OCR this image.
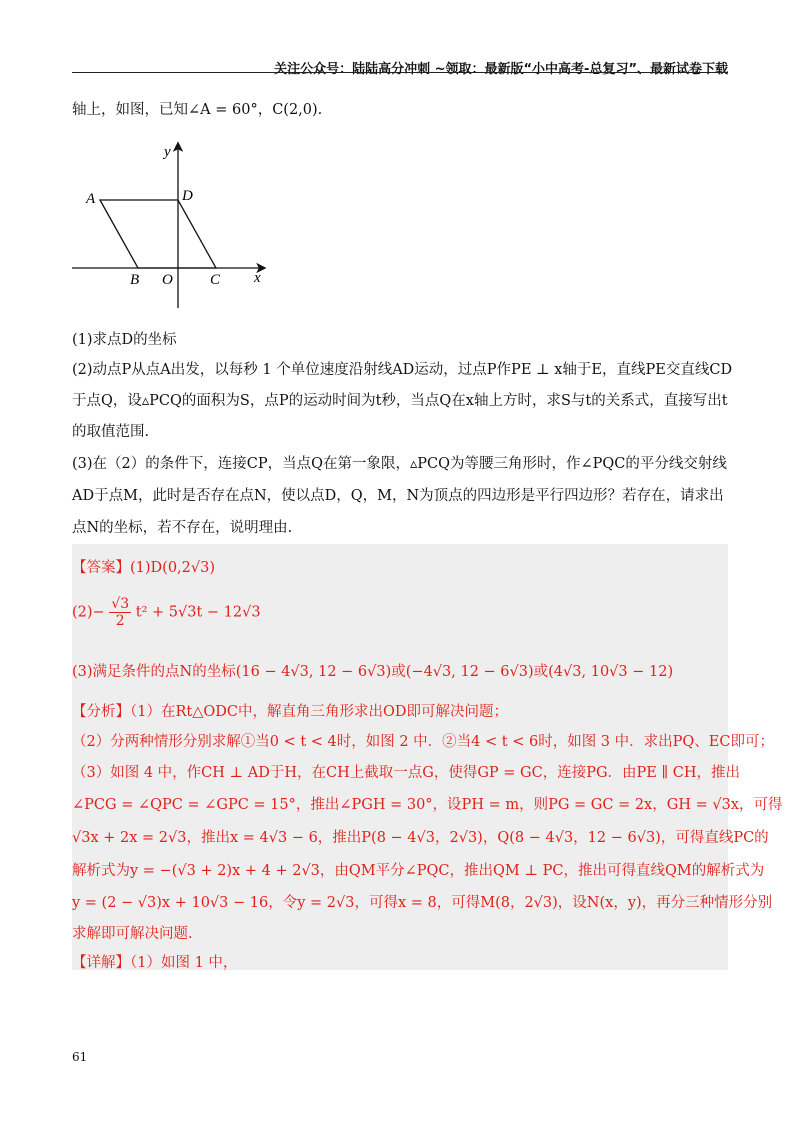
关注公众号：陆陆高分冲刺 ~领取：最新版“小中高考-总复习”、最新试卷下载
轴上，如图，已知∠A = 60°，C(2,0).
y
x
A	D
B O C
(1)求点D的坐标
(2)动点P从点A出发，以每秒 1 个单位速度沿射线AD运动，过点P作PE ⊥ x轴于E，直线PE交直线CD
于点Q，设▵PCQ的面积为S，点P的运动时间为t秒，当点Q在x轴上方时，求S与t的关系式，直接写出t
的取值范围.
(3)在（2）的条件下，连接CP，当点Q在第一象限，▵PCQ为等腰三角形时，作∠PQC的平分线交射线
AD于点M，此时是否存在点N，使以点D，Q，M，N为顶点的四边形是平行四边形？若存在，请求出
点N的坐标，若不存在，说明理由.
【答案】(1)D(0,2√3)
$(2)- \frac{√3}{2} t^2 + 5√3t - 12√3$
(3)满足条件的点N的坐标(16 − 4√3, 12 − 6√3)或(−4√3, 12 − 6√3)或(4√3, 10√3 − 12)
【分析】（1）在Rt△ODC中，解直角三角形求出OD即可解决问题；
（2）分两种情形分别求解①当0 < t < 4时，如图 2 中．②当4 < t < 6时，如图 3 中．求出PQ、EC即可；
（3）如图 4 中，作CH ⊥ AD于H，在CH上截取一点G，使得GP = GC，连接PG．由PE ∥ CH，推出
∠PCG = ∠QPC = ∠GPC = 15°，推出∠PGH = 30°，设PH = m，则PG = GC = 2x，GH = √3x，可得
√3x + 2x = 2√3，推出x = 4√3 − 6，推出P(8 − 4√3，2√3)，Q(8 − 4√3，12 − 6√3)，可得直线PC的
解析式为y = −(√3 + 2)x + 4 + 2√3，由QM平分∠PQC，推出QM ⊥ PC，推出可得直线QM的解析式为
y = (2 − √3)x + 10√3 − 16，令y = 2√3，可得x = 8，可得M(8，2√3)，设N(x，y)，再分三种情形分别
求解即可解决问题.
【详解】（1）如图 1 中，
61
